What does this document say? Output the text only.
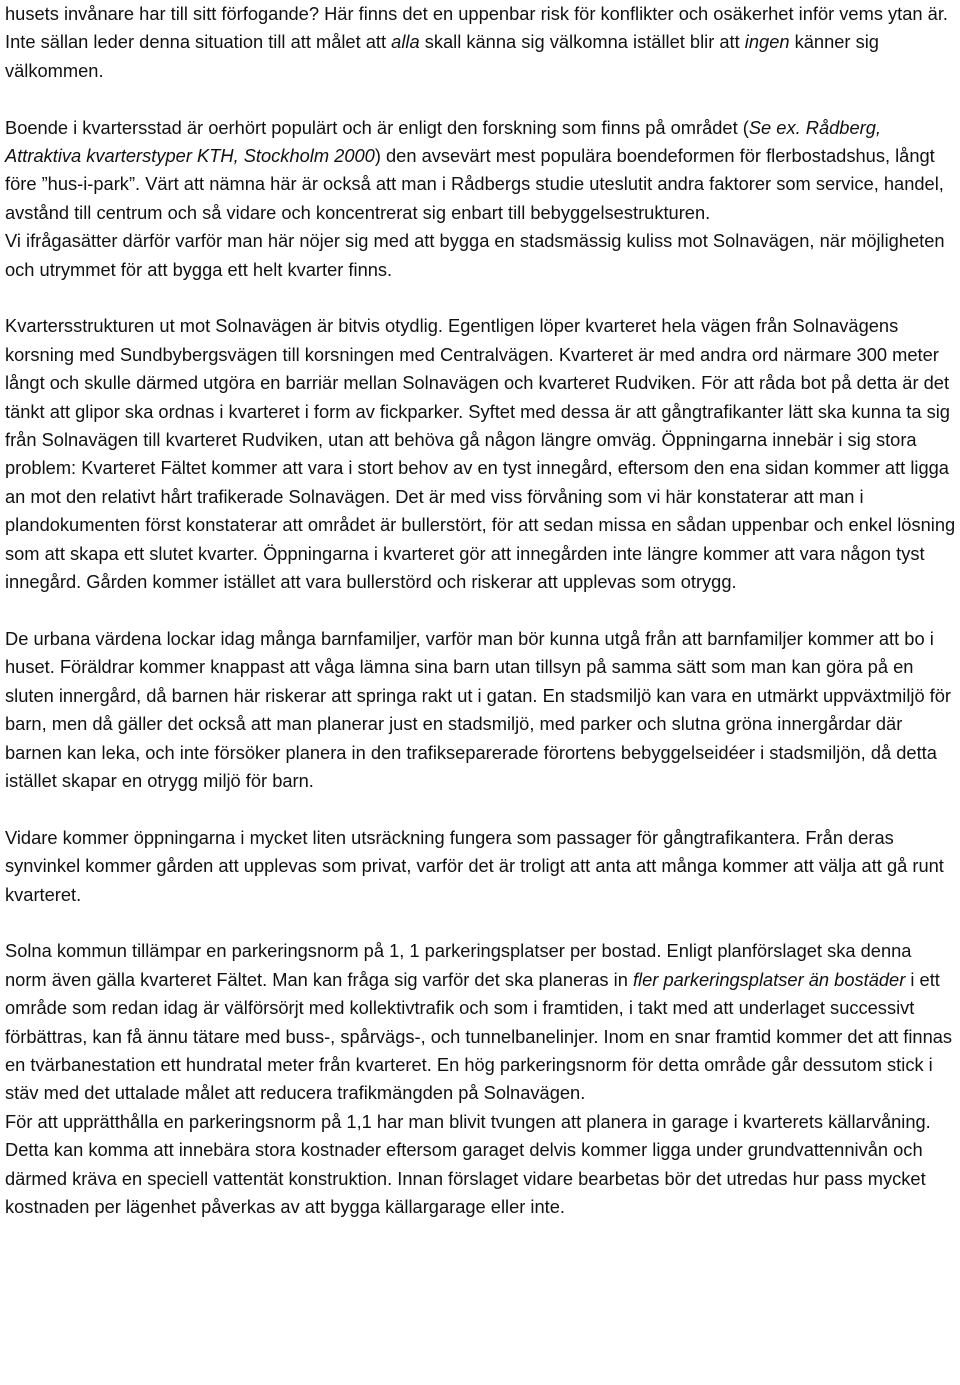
husets invånare har till sitt förfogande? Här finns det en uppenbar risk för konflikter och osäkerhet inför vems ytan är. Inte sällan leder denna situation till att målet att alla skall känna sig välkomna istället blir att ingen känner sig välkommen.

Boende i kvartersstad är oerhört populärt och är enligt den forskning som finns på området (Se ex. Rådberg, Attraktiva kvarterstyper KTH, Stockholm 2000) den avsevärt mest populära boendeformen för flerbostadshus, långt före ”hus-i-park”. Värt att nämna här är också att man i Rådbergs studie uteslutit andra faktorer som service, handel, avstånd till centrum och så vidare och koncentrerat sig enbart till bebyggelsestrukturen.

Vi ifrågasätter därför varför man här nöjer sig med att bygga en stadsmässig kuliss mot Solnavägen, när möjligheten och utrymmet för att bygga ett helt kvarter finns.

Kvartersstrukturen ut mot Solnavägen är bitvis otydlig. Egentligen löper kvarteret hela vägen från Solnavägens korsning med Sundbybergsvägen till korsningen med Centralvägen. Kvarteret är med andra ord närmare 300 meter långt och skulle därmed utgöra en barriär mellan Solnavägen och kvarteret Rudviken. För att råda bot på detta är det tänkt att glipor ska ordnas i kvarteret i form av fickparker. Syftet med dessa är att gångtrafikanter lätt ska kunna ta sig från Solnavägen till kvarteret Rudviken, utan att behöva gå någon längre omväg. Öppningarna innebär i sig stora problem: Kvarteret Fältet kommer att vara i stort behov av en tyst innegård, eftersom den ena sidan kommer att ligga an mot den relativt hårt trafikerade Solnavägen. Det är med viss förvåning som vi här konstaterar att man i plandokumenten först konstaterar att området är bullerstört, för att sedan missa en sådan uppenbar och enkel lösning som att skapa ett slutet kvarter. Öppningarna i kvarteret gör att innegården inte längre kommer att vara någon tyst innegård. Gården kommer istället att vara bullerstörd och riskerar att upplevas som otrygg.

De urbana värdena lockar idag många barnfamiljer, varför man bör kunna utgå från att barnfamiljer kommer att bo i huset. Föräldrar kommer knappast att våga lämna sina barn utan tillsyn på samma sätt som man kan göra på en sluten innergård, då barnen här riskerar att springa rakt ut i gatan. En stadsmiljö kan vara en utmärkt uppväxtmiljö för barn, men då gäller det också att man planerar just en stadsmiljö, med parker och slutna gröna innergårdar där barnen kan leka, och inte försöker planera in den trafikseparerade förortens bebyggelseidéer i stadsmiljön, då detta istället skapar en otrygg miljö för barn.

Vidare kommer öppningarna i mycket liten utsräckning fungera som passager för gångtrafikantera. Från deras synvinkel kommer gården att upplevas som privat, varför det är troligt att anta att många kommer att välja att gå runt kvarteret.

Solna kommun tillämpar en parkeringsnorm på 1, 1 parkeringsplatser per bostad. Enligt planförslaget ska denna norm även gälla kvarteret Fältet. Man kan fråga sig varför det ska planeras in fler parkeringsplatser än bostäder i ett område som redan idag är välförsörjt med kollektivtrafik och som i framtiden, i takt med att underlaget successivt förbättras, kan få ännu tätare med buss-, spårvägs-, och tunnelbanelinjer. Inom en snar framtid kommer det att finnas en tvärbanestation ett hundratal meter från kvarteret. En hög parkeringsnorm för detta område går dessutom stick i stäv med det uttalade målet att reducera trafikmängden på Solnavägen.

För att upprätthålla en parkeringsnorm på 1,1 har man blivit tvungen att planera in garage i kvarterets källarvåning. Detta kan komma att innebära stora kostnader eftersom garaget delvis kommer ligga under grundvattennivån och därmed kräva en speciell vattentät konstruktion. Innan förslaget vidare bearbetas bör det utredas hur pass mycket kostnaden per lägenhet påverkas av att bygga källargarage eller inte.
